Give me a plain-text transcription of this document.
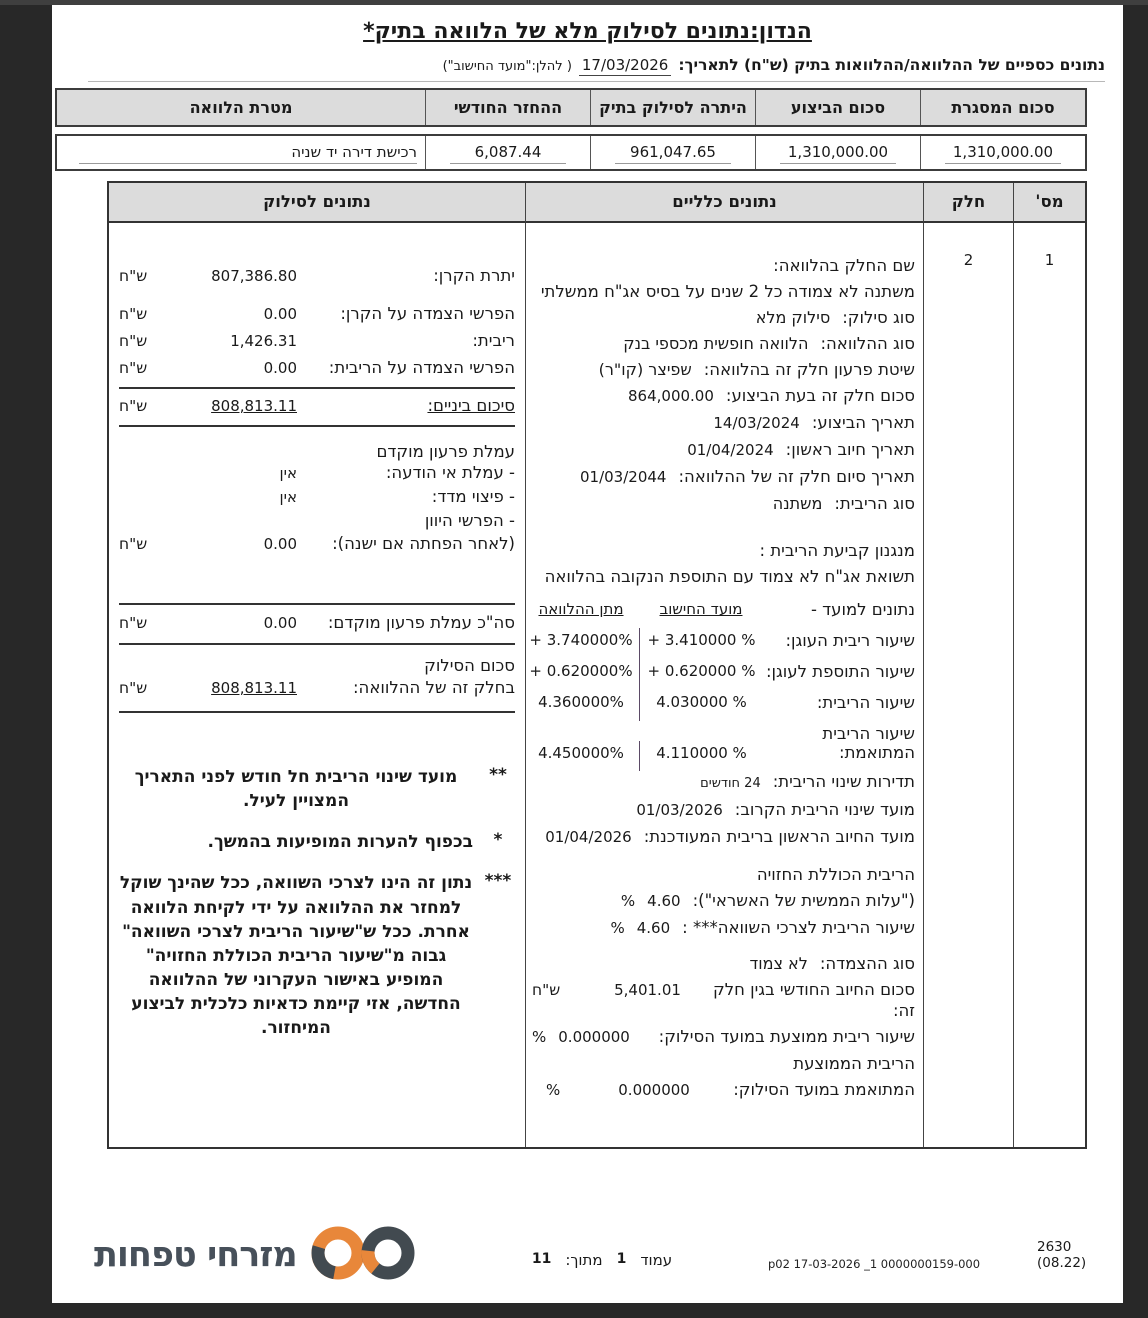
הנדון:נתונים לסילוק מלא של הלוואה בתיק*
נתונים כספיים של ההלוואה/ההלוואות בתיק (ש"ח) לתאריך:
17/03/2026
( להלן:"מועד החישוב")
סכום המסגרת
סכום הביצוע
היתרה לסילוק בתיק
ההחזר החודשי
מטרת הלוואה
1,310,000.00
1,310,000.00
961,047.65
6,087.44
רכישת דירה יד שניה
מס'
חלק
נתונים כלליים
נתונים לסילוק
1
2
שם החלק בהלוואה:
משתנה לא צמודה כל 2 שנים על בסיס אג"ח ממשלתי
סוג סילוק:
סילוק מלא
סוג ההלוואה:
הלוואה חופשית מכספי בנק
שיטת פרעון חלק זה בהלוואה:
שפיצר (קו"ר)
סכום חלק זה בעת הביצוע:
864,000.00
תאריך הביצוע:
14/03/2024
תאריך חיוב ראשון:
01/04/2024
תאריך סיום חלק זה של ההלוואה:
01/03/2044
סוג הריבית:
משתנה
מנגנון קביעת הריבית :
תשואת אג"ח לא צמוד עם התוספת הנקובה בהלוואה
נתונים למועד -
מועד החישוב
מתן ההלוואה
שיעור ריבית העוגן:
+ 3.410000 %
+ 3.740000%
שיעור התוספת לעוגן:
+ 0.620000 %
+ 0.620000%
שיעור הריבית:
4.030000 %
4.360000%
שיעור הריבית
המתואמת:
4.110000 %
4.450000%
תדירות שינוי הריבית:
24 חודשים
מועד שינוי הריבית הקרוב:
01/03/2026
מועד החיוב הראשון בריבית המעודכנת:
01/04/2026
הריבית הכוללת החזויה
("עלות הממשית של האשראי"):
4.60
%
שיעור הריבית לצרכי השוואה*** :
4.60
%
סוג ההצמדה:
לא צמוד
סכום החיוב החודשי בגין חלק זה:
5,401.01
ש"ח
שיעור ריבית ממוצעת במועד הסילוק:
0.000000
%
הריבית הממוצעת
המתואמת במועד הסילוק:
0.000000
%
יתרת הקרן:
807,386.80
ש"ח
הפרשי הצמדה על הקרן:
0.00
ש"ח
ריבית:
1,426.31
ש"ח
הפרשי הצמדה על הריבית:
0.00
ש"ח
סיכום ביניים:
808,813.11
ש"ח
עמלת פרעון מוקדם
- עמלת אי הודעה:
אין
- פיצוי מדד:
אין
- הפרשי היוון
(לאחר הפחתה אם ישנה):
0.00
ש"ח
סה"כ עמלת פרעון מוקדם:
0.00
ש"ח
סכום הסילוק
בחלק זה של ההלוואה:
808,813.11
ש"ח
**
מועד שינוי הריבית חל חודש לפני התאריך המצויין לעיל.
*
בכפוף להערות המופיעות בהמשך.
***
נתון זה הינו לצרכי השוואה, ככל שהינך שוקל למחזר את ההלוואה על ידי לקיחת הלוואה אחרת. ככל ש"שיעור הריבית לצרכי השוואה" גבוה מ"שיעור הריבית הכוללת החזויה" המופיע באישור העקרוני של ההלוואה החדשה, אזי קיימת כדאיות כלכלית לביצוע המיחזור.
מזרחי טפחות	עמוד
1
מתוך:
11	p02 17-03-2026 _1 0000000159-000
2630 (08.22)
